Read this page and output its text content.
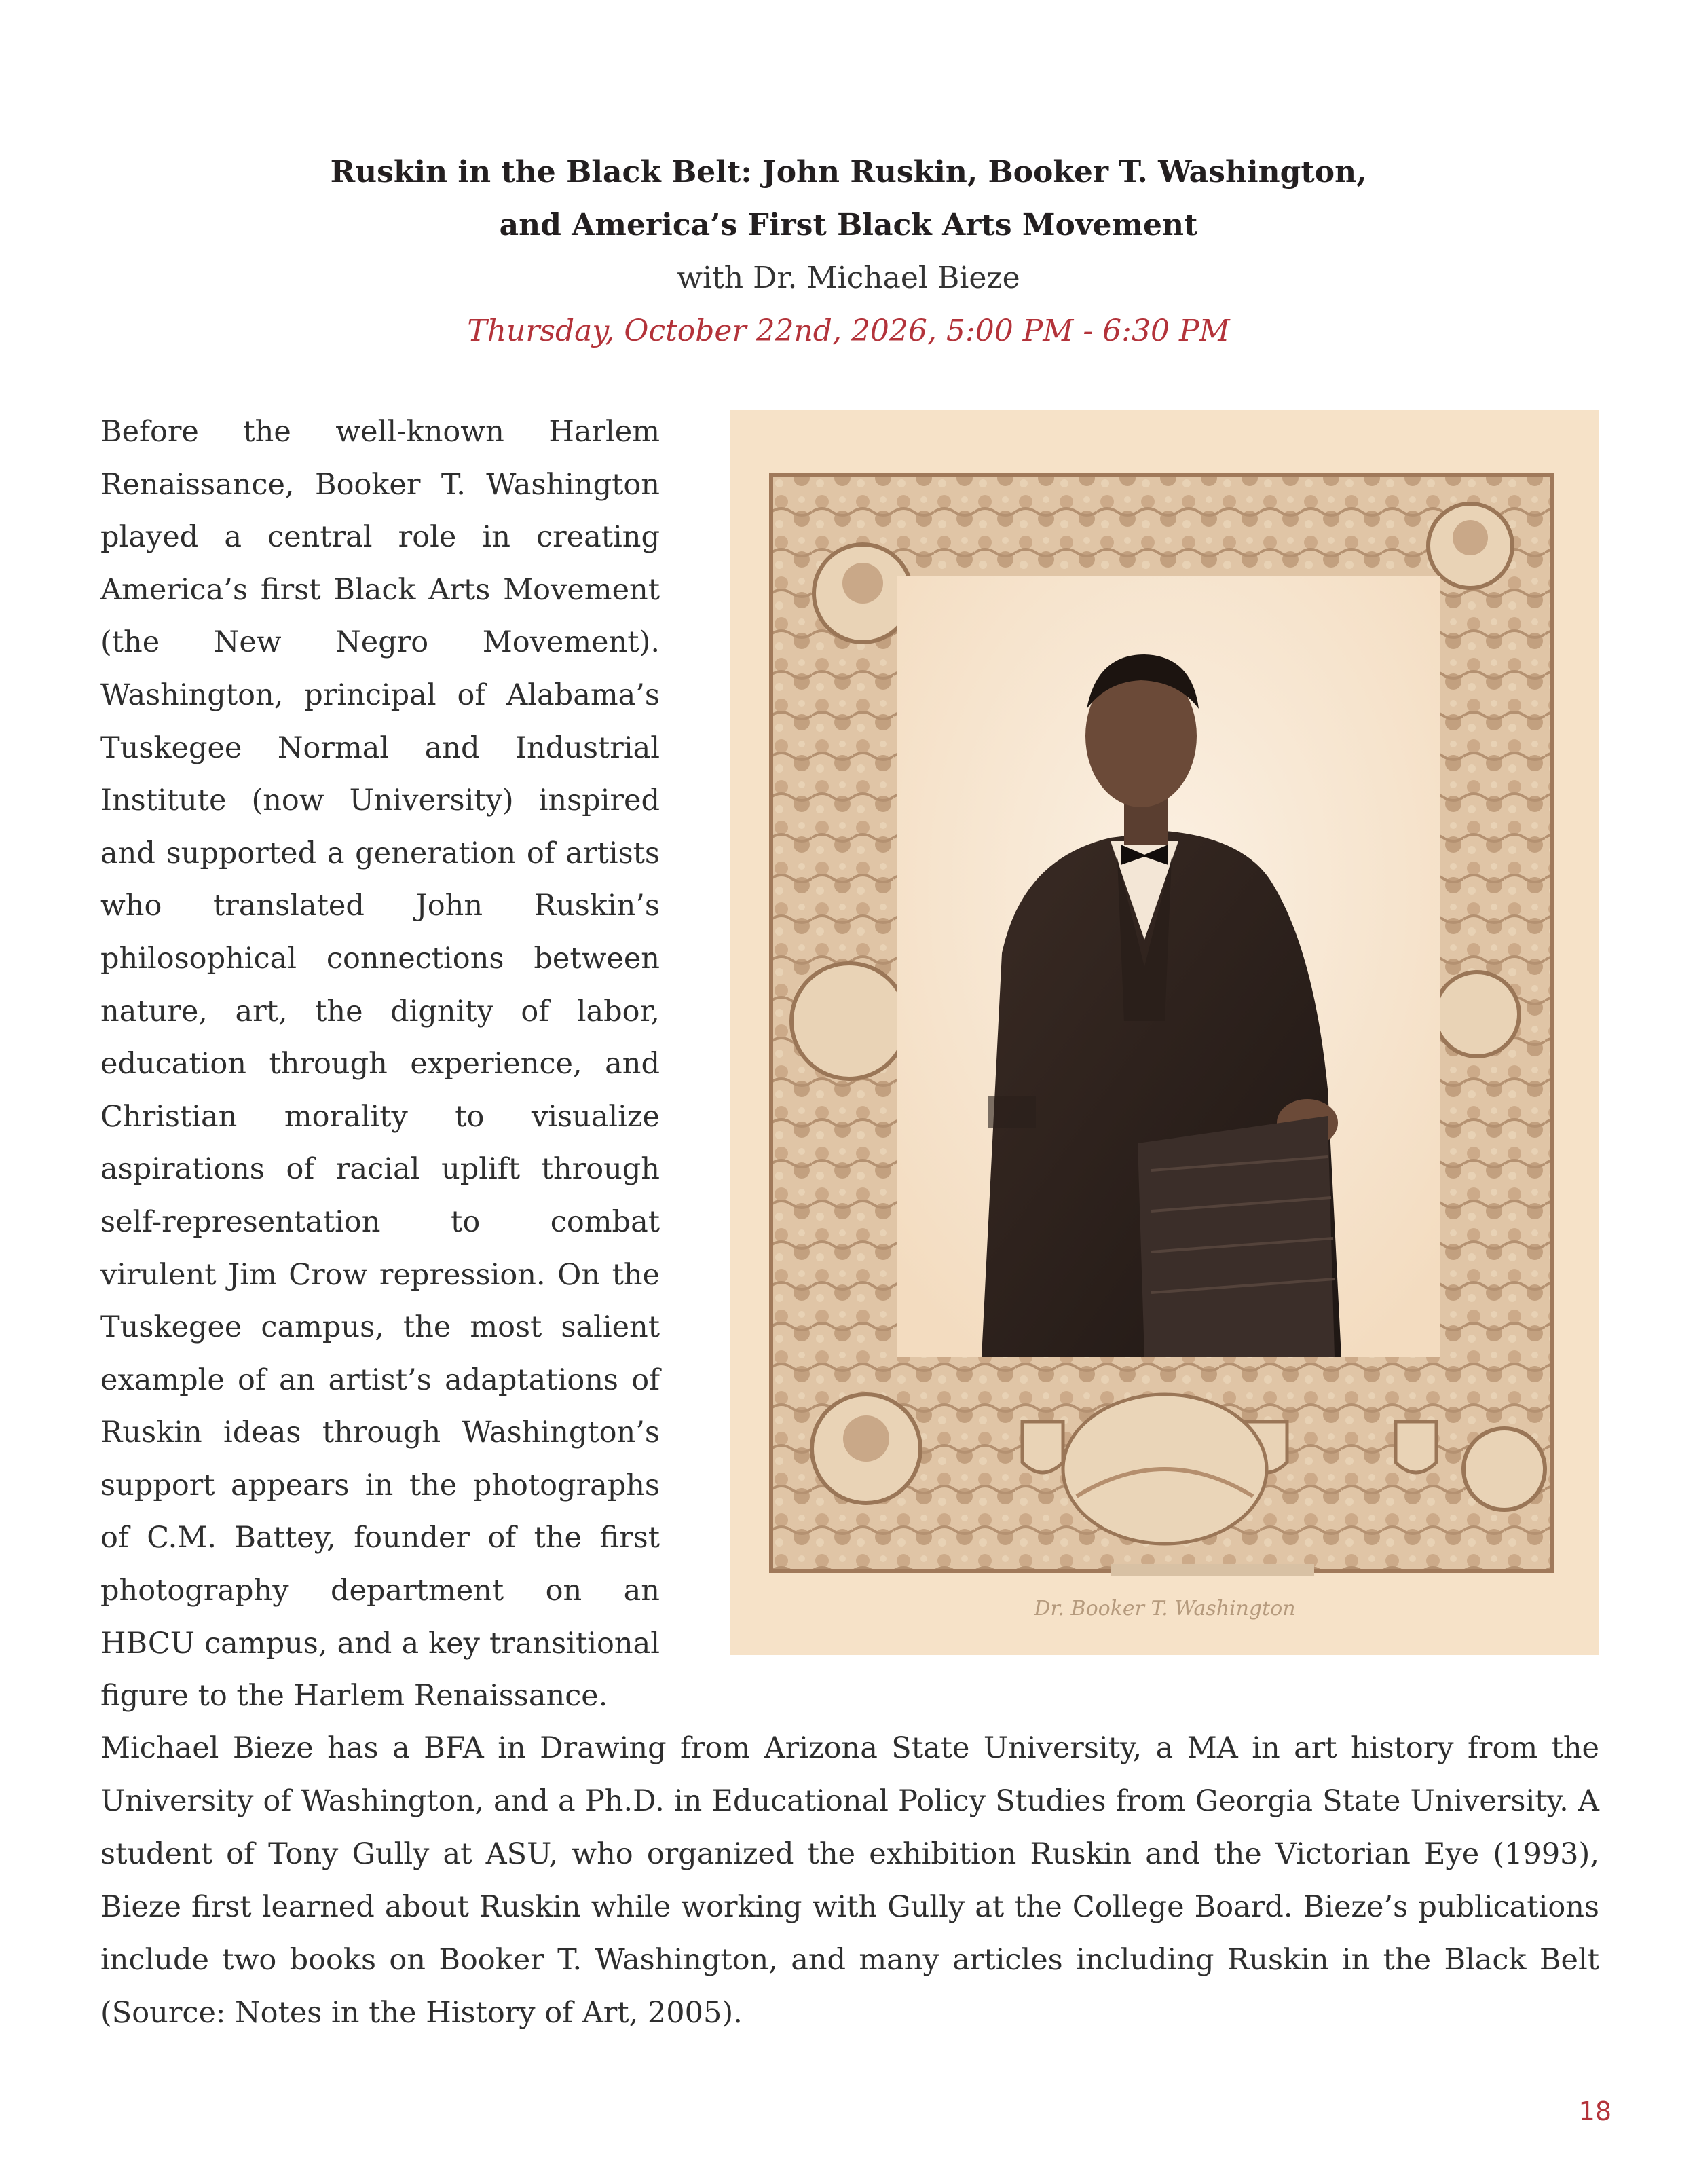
Ruskin in the Black Belt: John Ruskin, Booker T. Washington,
and America’s First Black Arts Movement
with Dr. Michael Bieze
Thursday, October 22nd, 2026, 5:00 PM - 6:30 PM

Before the well-known Harlem Renaissance, Booker T. Washington played a central role in creating America’s first Black Arts Movement (the New Negro Movement). Washington, principal of Alabama’s Tuskegee Normal and Industrial Institute (now University) inspired and supported a generation of artists who translated John Ruskin’s philosophical connections between nature, art, the dignity of labor, education through experience, and Christian morality to visualize aspirations of racial uplift through self-representation to combat virulent Jim Crow repression. On the Tuskegee campus, the most salient example of an artist’s adaptations of Ruskin ideas through Washington’s support appears in the photographs of C.M. Battey, founder of the first photography department on an HBCU campus, and a key transitional figure to the Harlem Renaissance.

Dr. Booker T. Washington

Michael Bieze has a BFA in Drawing from Arizona State University, a MA in art history from the University of Washington, and a Ph.D. in Educational Policy Studies from Georgia State University. A student of Tony Gully at ASU, who organized the exhibition Ruskin and the Victorian Eye (1993), Bieze first learned about Ruskin while working with Gully at the College Board. Bieze’s publications include two books on Booker T. Washington, and many articles including Ruskin in the Black Belt (Source: Notes in the History of Art, 2005).

18
